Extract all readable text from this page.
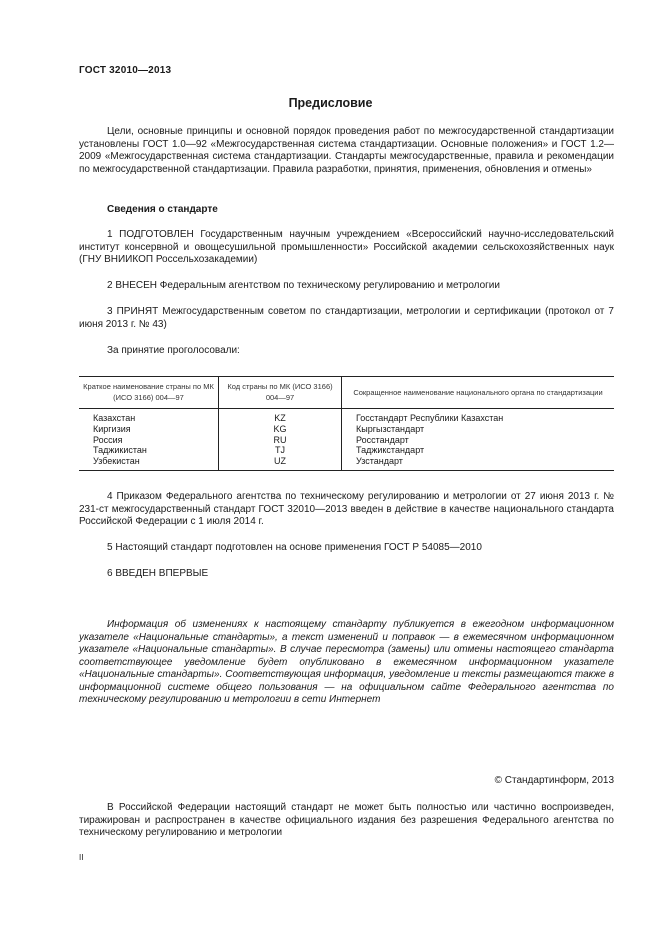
ГОСТ 32010—2013
Предисловие

Цели, основные принципы и основной порядок проведения работ по межгосударственной стандартизации установлены ГОСТ 1.0—92 «Межгосударственная система стандартизации. Основные положения» и ГОСТ 1.2—2009 «Межгосударственная система стандартизации. Стандарты межгосударственные, правила и рекомендации по межгосударственной стандартизации. Правила разработки, принятия, применения, обновления и отмены»

Сведения о стандарте

1 ПОДГОТОВЛЕН Государственным научным учреждением «Всероссийский научно-исследовательский институт консервной и овощесушильной промышленности» Российской академии сельскохозяйственных наук (ГНУ ВНИИКОП Россельхозакадемии)

2 ВНЕСЕН Федеральным агентством по техническому регулированию и метрологии

3 ПРИНЯТ Межгосударственным советом по стандартизации, метрологии и сертификации (протокол от 7 июня 2013 г. № 43)

За принятие проголосовали:

Краткое наименование страны по МК (ИСО 3166) 004—97	Код страны по МК (ИСО 3166) 004—97	Сокращенное наименование национального органа по стандартизации
Казахстан	KZ	Госстандарт Республики Казахстан
Киргизия	KG	Кыргызстандарт
Россия	RU	Росстандарт
Таджикистан	TJ	Таджикстандарт
Узбекистан	UZ	Узстандарт

4 Приказом Федерального агентства по техническому регулированию и метрологии от 27 июня 2013 г. № 231-ст межгосударственный стандарт ГОСТ 32010—2013 введен в действие в качестве национального стандарта Российской Федерации с 1 июля 2014 г.

5 Настоящий стандарт подготовлен на основе применения ГОСТ Р 54085—2010

6 ВВЕДЕН ВПЕРВЫЕ

Информация об изменениях к настоящему стандарту публикуется в ежегодном информационном указателе «Национальные стандарты», а текст изменений и поправок — в ежемесячном информационном указателе «Национальные стандарты». В случае пересмотра (замены) или отмены настоящего стандарта соответствующее уведомление будет опубликовано в ежемесячном информационном указателе «Национальные стандарты». Соответствующая информация, уведомление и тексты размещаются также в информационной системе общего пользования — на официальном сайте Федерального агентства по техническому регулированию и метрологии в сети Интернет

© Стандартинформ, 2013

В Российской Федерации настоящий стандарт не может быть полностью или частично воспроизведен, тиражирован и распространен в качестве официального издания без разрешения Федерального агентства по техническому регулированию и метрологии

II
